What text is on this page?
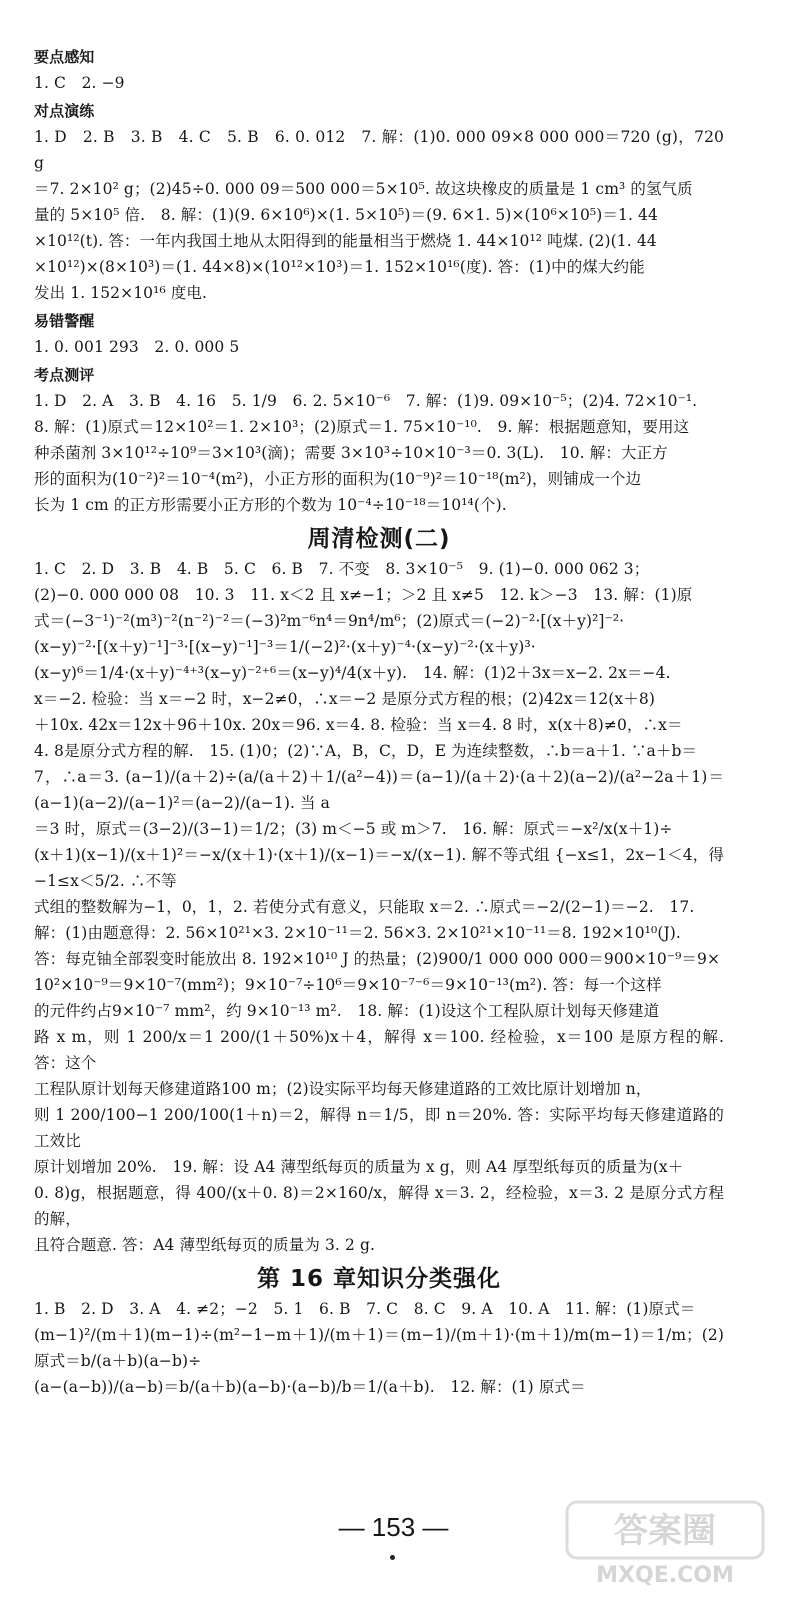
要点感知
1. C　2. −9
对点演练
1. D　2. B　3. B　4. C　5. B　6. 0. 012　7. 解：(1)0. 000 09×8 000 000＝720 (g)，720 g
＝7. 2×10² g；(2)45÷0. 000 09＝500 000＝5×10⁵. 故这块橡皮的质量是 1 cm³ 的氢气质
量的 5×10⁵ 倍.　8. 解：(1)(9. 6×10⁶)×(1. 5×10⁵)＝(9. 6×1. 5)×(10⁶×10⁵)＝1. 44
×10¹²(t). 答：一年内我国土地从太阳得到的能量相当于燃烧 1. 44×10¹² 吨煤. (2)(1. 44
×10¹²)×(8×10³)＝(1. 44×8)×(10¹²×10³)＝1. 152×10¹⁶(度). 答：(1)中的煤大约能
发出 1. 152×10¹⁶ 度电.
易错警醒
1. 0. 001 293　2. 0. 000 5
考点测评
1. D　2. A　3. B　4. 16　5. 1/9　6. 2. 5×10⁻⁶　7. 解：(1)9. 09×10⁻⁵；(2)4. 72×10⁻¹.
8. 解：(1)原式＝12×10²＝1. 2×10³；(2)原式＝1. 75×10⁻¹⁰.　9. 解：根据题意知，要用这
种杀菌剂 3×10¹²÷10⁹＝3×10³(滴)；需要 3×10³÷10×10⁻³＝0. 3(L).　10. 解：大正方
形的面积为(10⁻²)²＝10⁻⁴(m²)，小正方形的面积为(10⁻⁹)²＝10⁻¹⁸(m²)，则铺成一个边
长为 1 cm 的正方形需要小正方形的个数为 10⁻⁴÷10⁻¹⁸＝10¹⁴(个).
周清检测(二)
1. C　2. D　3. B　4. B　5. C　6. B　7. 不变　8. 3×10⁻⁵　9. (1)−0. 000 062 3；
(2)−0. 000 000 08　10. 3　11. x＜2 且 x≠−1；＞2 且 x≠5　12. k＞−3　13. 解：(1)原
式＝(−3⁻¹)⁻²(m³)⁻²(n⁻²)⁻²＝(−3)²m⁻⁶n⁴＝9n⁴/m⁶；(2)原式＝(−2)⁻²·[(x＋y)²]⁻²·
(x−y)⁻²·[(x＋y)⁻¹]⁻³·[(x−y)⁻¹]⁻³＝1/(−2)²·(x＋y)⁻⁴·(x−y)⁻²·(x＋y)³·
(x−y)⁶＝1/4·(x＋y)⁻⁴⁺³(x−y)⁻²⁺⁶＝(x−y)⁴/4(x＋y).　14. 解：(1)2＋3x＝x−2. 2x＝−4.
x＝−2. 检验：当 x＝−2 时，x−2≠0，∴x＝−2 是原分式方程的根；(2)42x＝12(x＋8)
＋10x. 42x＝12x＋96＋10x. 20x＝96. x＝4. 8. 检验：当 x＝4. 8 时，x(x＋8)≠0，∴x＝
4. 8是原分式方程的解.　15. (1)0；(2)∵A，B，C，D，E 为连续整数，∴b＝a＋1. ∵a＋b＝
7，∴a＝3. (a−1)/(a＋2)÷(a/(a＋2)＋1/(a²−4))＝(a−1)/(a＋2)·(a＋2)(a−2)/(a²−2a＋1)＝(a−1)(a−2)/(a−1)²＝(a−2)/(a−1). 当 a
＝3 时，原式＝(3−2)/(3−1)＝1/2；(3) m＜−5 或 m＞7.　16. 解：原式＝−x²/x(x＋1)÷
(x＋1)(x−1)/(x＋1)²＝−x/(x＋1)·(x＋1)/(x−1)＝−x/(x−1). 解不等式组 {−x≤1，2x−1＜4，得−1≤x＜5/2. ∴不等
式组的整数解为−1，0，1，2. 若使分式有意义，只能取 x＝2. ∴原式＝−2/(2−1)＝−2.　17.
解：(1)由题意得：2. 56×10²¹×3. 2×10⁻¹¹＝2. 56×3. 2×10²¹×10⁻¹¹＝8. 192×10¹⁰(J).
答：每克铀全部裂变时能放出 8. 192×10¹⁰ J 的热量；(2)900/1 000 000 000＝900×10⁻⁹＝9×
10²×10⁻⁹＝9×10⁻⁷(mm²)；9×10⁻⁷÷10⁶＝9×10⁻⁷⁻⁶＝9×10⁻¹³(m²). 答：每一个这样
的元件约占9×10⁻⁷ mm²，约 9×10⁻¹³ m².　18. 解：(1)设这个工程队原计划每天修建道
路 x m，则 1 200/x＝1 200/(1＋50%)x＋4，解得 x＝100. 经检验，x＝100 是原方程的解. 答：这个
工程队原计划每天修建道路100 m；(2)设实际平均每天修建道路的工效比原计划增加 n，
则 1 200/100−1 200/100(1＋n)＝2，解得 n＝1/5，即 n＝20%. 答：实际平均每天修建道路的工效比
原计划增加 20%.　19. 解：设 A4 薄型纸每页的质量为 x g，则 A4 厚型纸每页的质量为(x＋
0. 8)g，根据题意，得 400/(x＋0. 8)＝2×160/x，解得 x＝3. 2，经检验，x＝3. 2 是原分式方程的解，
且符合题意. 答：A4 薄型纸每页的质量为 3. 2 g.
第 16 章知识分类强化
1. B　2. D　3. A　4. ≠2；−2　5. 1　6. B　7. C　8. C　9. A　10. A　11. 解：(1)原式＝
(m−1)²/(m＋1)(m−1)÷(m²−1−m＋1)/(m＋1)＝(m−1)/(m＋1)·(m＋1)/m(m−1)＝1/m；(2)原式＝b/(a＋b)(a−b)÷
(a−(a−b))/(a−b)＝b/(a＋b)(a−b)·(a−b)/b＝1/(a＋b).　12. 解：(1) 原式＝
— 153 —	答案圈
MXQE.COM
